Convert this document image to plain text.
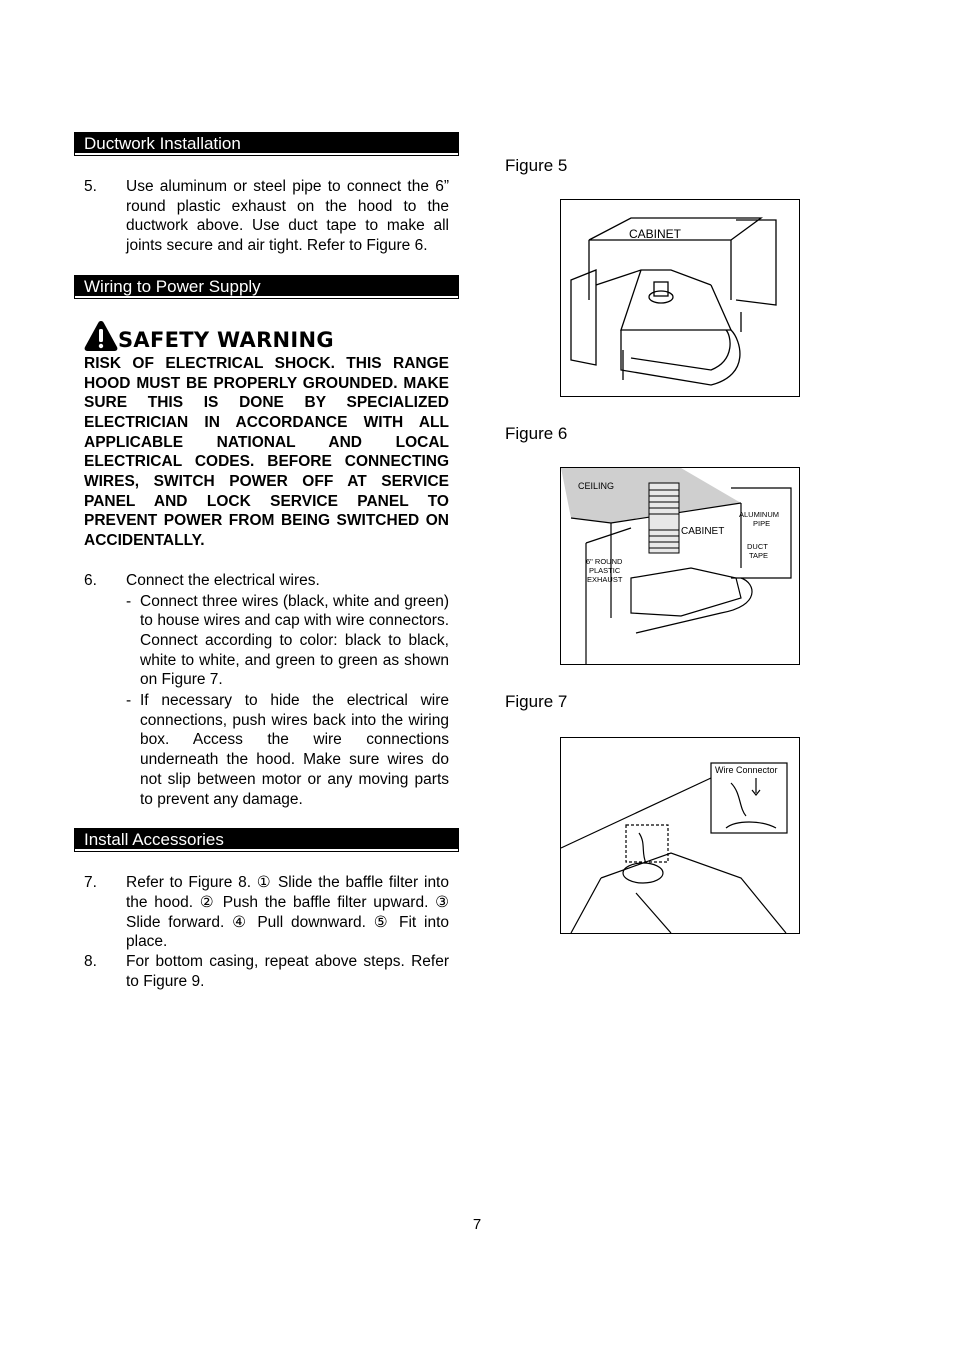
Ductwork Installation
5. Use aluminum or steel pipe to connect the 6” round plastic exhaust on the hood to the ductwork above. Use duct tape to make all joints secure and air tight. Refer to Figure 6.
Wiring to Power Supply
SAFETY WARNING
RISK OF ELECTRICAL SHOCK. THIS RANGE HOOD MUST BE PROPERLY GROUNDED. MAKE SURE THIS IS DONE BY SPECIALIZED ELECTRICIAN IN ACCORDANCE WITH ALL APPLICABLE NATIONAL AND LOCAL ELECTRICAL CODES. BEFORE CONNECTING WIRES, SWITCH POWER OFF AT SERVICE PANEL AND LOCK SERVICE PANEL TO PREVENT POWER FROM BEING SWITCHED ON ACCIDENTALLY.
6. Connect the electrical wires.
- Connect three wires (black, white and green) to house wires and cap with wire connectors. Connect according to color: black to black, white to white, and green to green as shown on Figure 7.
- If necessary to hide the electrical wire connections, push wires back into the wiring box. Access the wire connections underneath the hood. Make sure wires do not slip between motor or any moving parts to prevent any damage.
Install Accessories
7. Refer to Figure 8. ① Slide the baffle filter into the hood. ② Push the baffle filter upward. ③ Slide forward. ④ Pull downward. ⑤ Fit into place.
8. For bottom casing, repeat above steps. Refer to Figure 9.
Figure 5
CABINET
Figure 6
CEILING
CABINET
ALUMINUM
PIPE
DUCT
TAPE
6" ROUND
PLASTIC
EXHAUST
Figure 7
Wire Connector
7
